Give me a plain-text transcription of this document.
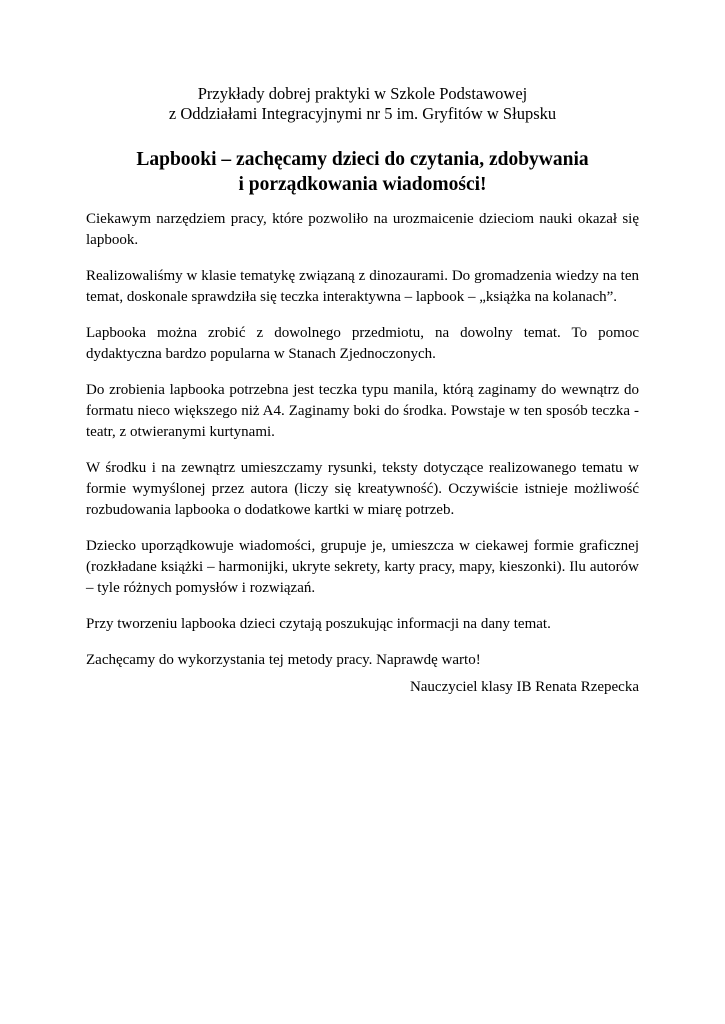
Przykłady dobrej praktyki w Szkole Podstawowej
z Oddziałami Integracyjnymi nr 5 im. Gryfitów w Słupsku
Lapbooki – zachęcamy dzieci do czytania, zdobywania
i porządkowania wiadomości!

Ciekawym narzędziem pracy, które pozwoliło na urozmaicenie dzieciom nauki okazał się lapbook.

Realizowaliśmy w klasie tematykę związaną z dinozaurami. Do gromadzenia wiedzy na ten temat, doskonale sprawdziła się teczka interaktywna – lapbook – „książka na kolanach”.

Lapbooka można zrobić z dowolnego przedmiotu, na dowolny temat. To pomoc dydaktyczna bardzo popularna w Stanach Zjednoczonych.

Do zrobienia lapbooka potrzebna jest teczka typu manila, którą zaginamy do wewnątrz do formatu nieco większego niż A4. Zaginamy boki do środka. Powstaje w ten sposób teczka - teatr, z otwieranymi kurtynami.

W środku i na zewnątrz umieszczamy rysunki, teksty dotyczące realizowanego tematu w formie wymyślonej przez autora (liczy się kreatywność). Oczywiście istnieje możliwość rozbudowania lapbooka o dodatkowe kartki w miarę potrzeb.

Dziecko uporządkowuje wiadomości, grupuje je, umieszcza w ciekawej formie graficznej (rozkładane książki – harmonijki, ukryte sekrety, karty pracy, mapy, kieszonki). Ilu autorów – tyle różnych pomysłów i rozwiązań.

Przy tworzeniu lapbooka dzieci czytają poszukując informacji na dany temat.

Zachęcamy do wykorzystania tej metody pracy. Naprawdę warto!

Nauczyciel klasy IB Renata Rzepecka
